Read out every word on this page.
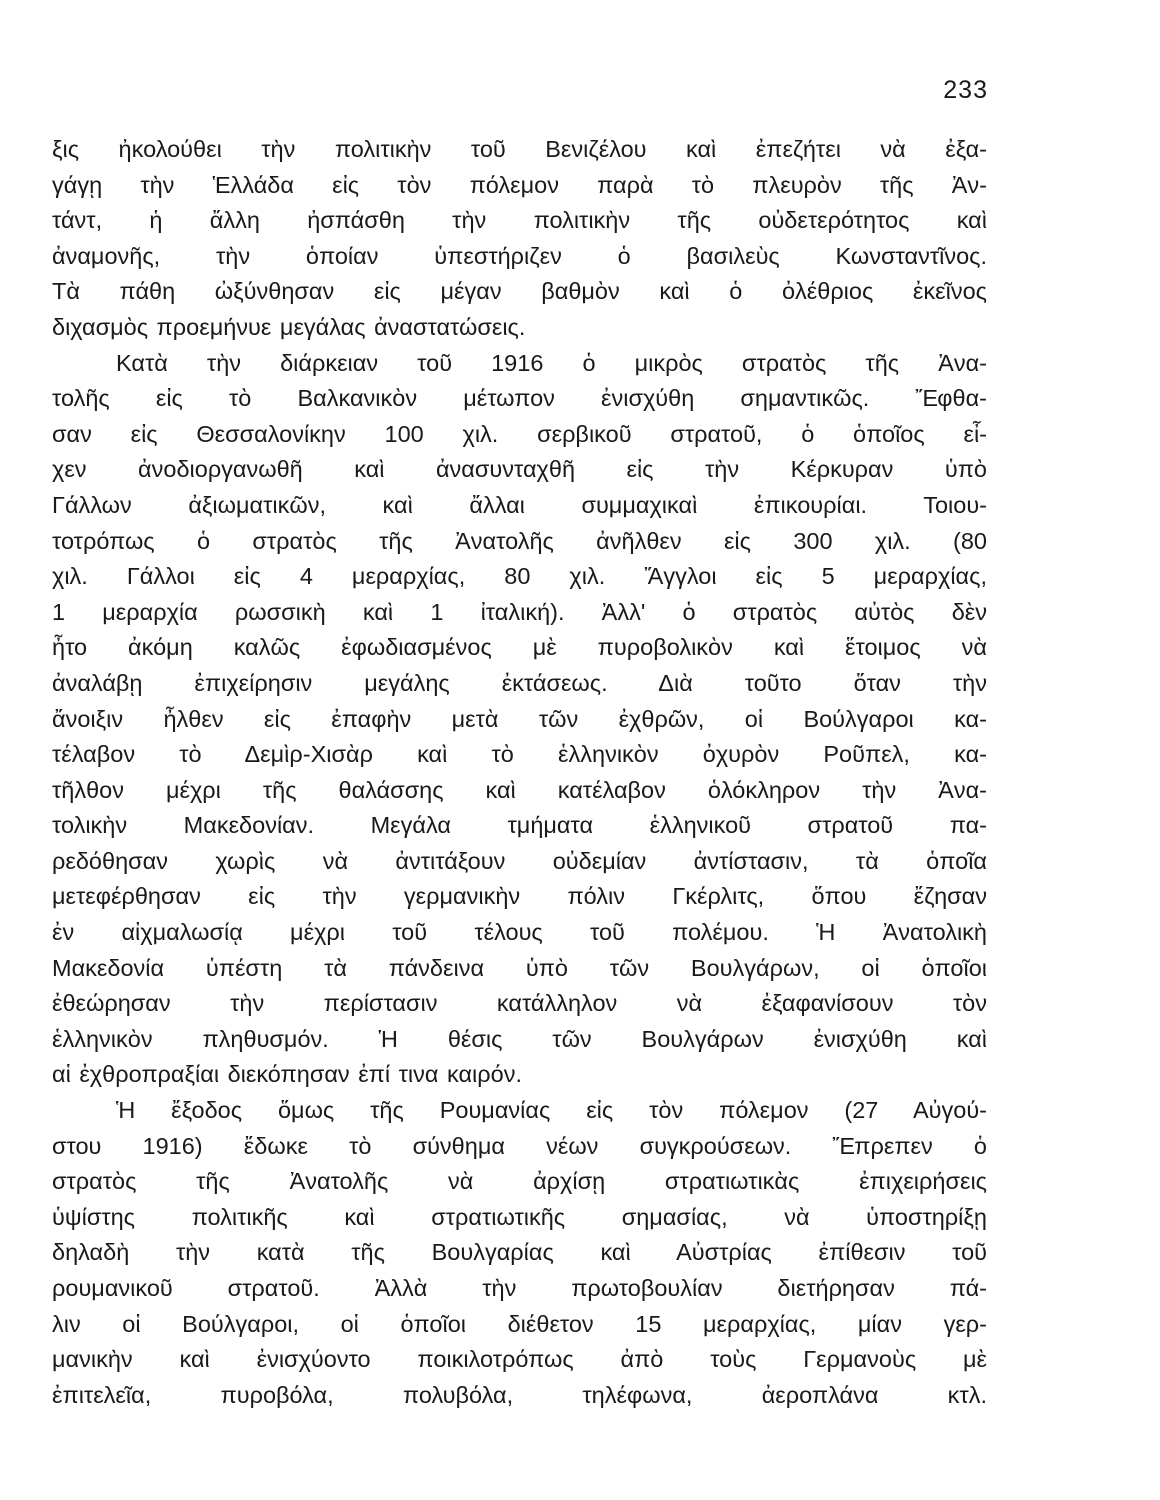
233
ξις ἠκολούθει τὴν πολιτικὴν τοῦ Βενιζέλου καὶ ἐπεζήτει νὰ ἐξα-
γάγῃ τὴν Ἑλλάδα εἰς τὸν πόλεμον παρὰ τὸ πλευρὸν τῆς Ἀν-
τάντ, ἡ ἄλλη ἠσπάσθη τὴν πολιτικὴν τῆς οὐδετερότητος καὶ
ἀναμονῆς, τὴν ὁποίαν ὑπεστήριζεν ὁ βασιλεὺς Κωνσταντῖνος.
Τὰ πάθη ὠξύνθησαν εἰς μέγαν βαθμὸν καὶ ὁ ὀλέθριος ἐκεῖνος
διχασμὸς προεμήνυε μεγάλας ἀναστατώσεις.
Κατὰ τὴν διάρκειαν τοῦ 1916 ὁ μικρὸς στρατὸς τῆς Ἀνα-
τολῆς εἰς τὸ Βαλκανικὸν μέτωπον ἐνισχύθη σημαντικῶς. Ἔφθα-
σαν εἰς Θεσσαλονίκην 100 χιλ. σερβικοῦ στρατοῦ, ὁ ὁποῖος εἶ-
χεν ἀνοδιοργανωθῆ καὶ ἀνασυνταχθῆ εἰς τὴν Κέρκυραν ὑπὸ
Γάλλων ἀξιωματικῶν, καὶ ἄλλαι συμμαχικαὶ ἐπικουρίαι. Τοιου-
τοτρόπως ὁ στρατὸς τῆς Ἀνατολῆς ἀνῆλθεν εἰς 300 χιλ. (80
χιλ. Γάλλοι εἰς 4 μεραρχίας, 80 χιλ. Ἄγγλοι εἰς 5 μεραρχίας,
1 μεραρχία ρωσσικὴ καὶ 1 ἰταλική). Ἀλλ' ὁ στρατὸς αὐτὸς δὲν
ἦτο ἀκόμη καλῶς ἐφωδιασμένος μὲ πυροβολικὸν καὶ ἕτοιμος νὰ
ἀναλάβῃ ἐπιχείρησιν μεγάλης ἐκτάσεως. Διὰ τοῦτο ὅταν τὴν
ἄνοιξιν ἦλθεν εἰς ἐπαφὴν μετὰ τῶν ἐχθρῶν, οἱ Βούλγαροι κα-
τέλαβον τὸ Δεμὶρ-Χισὰρ καὶ τὸ ἑλληνικὸν ὀχυρὸν Ροῦπελ, κα-
τῆλθον μέχρι τῆς θαλάσσης καὶ κατέλαβον ὁλόκληρον τὴν Ἀνα-
τολικὴν Μακεδονίαν. Μεγάλα τμήματα ἑλληνικοῦ στρατοῦ πα-
ρεδόθησαν χωρὶς νὰ ἀντιτάξουν οὐδεμίαν ἀντίστασιν, τὰ ὁποῖα
μετεφέρθησαν εἰς τὴν γερμανικὴν πόλιν Γκέρλιτς, ὅπου ἔζησαν
ἐν αἰχμαλωσίᾳ μέχρι τοῦ τέλους τοῦ πολέμου. Ἡ Ἀνατολικὴ
Μακεδονία ὑπέστη τὰ πάνδεινα ὑπὸ τῶν Βουλγάρων, οἱ ὁποῖοι
ἐθεώρησαν τὴν περίστασιν κατάλληλον νὰ ἐξαφανίσουν τὸν
ἑλληνικὸν πληθυσμόν. Ἡ θέσις τῶν Βουλγάρων ἐνισχύθη καὶ
αἱ ἐχθροπραξίαι διεκόπησαν ἐπί τινα καιρόν.
Ἡ ἔξοδος ὅμως τῆς Ρουμανίας εἰς τὸν πόλεμον (27 Αὐγού-
στου 1916) ἔδωκε τὸ σύνθημα νέων συγκρούσεων. Ἔπρεπεν ὁ
στρατὸς τῆς Ἀνατολῆς νὰ ἀρχίσῃ στρατιωτικὰς ἐπιχειρήσεις
ὑψίστης πολιτικῆς καὶ στρατιωτικῆς σημασίας, νὰ ὑποστηρίξῃ
δηλαδὴ τὴν κατὰ τῆς Βουλγαρίας καὶ Αὐστρίας ἐπίθεσιν τοῦ
ρουμανικοῦ στρατοῦ. Ἀλλὰ τὴν πρωτοβουλίαν διετήρησαν πά-
λιν οἱ Βούλγαροι, οἱ ὁποῖοι διέθετον 15 μεραρχίας, μίαν γερ-
μανικὴν καὶ ἐνισχύοντο ποικιλοτρόπως ἀπὸ τοὺς Γερμανοὺς μὲ
ἐπιτελεῖα, πυροβόλα, πολυβόλα, τηλέφωνα, ἀεροπλάνα κτλ.
